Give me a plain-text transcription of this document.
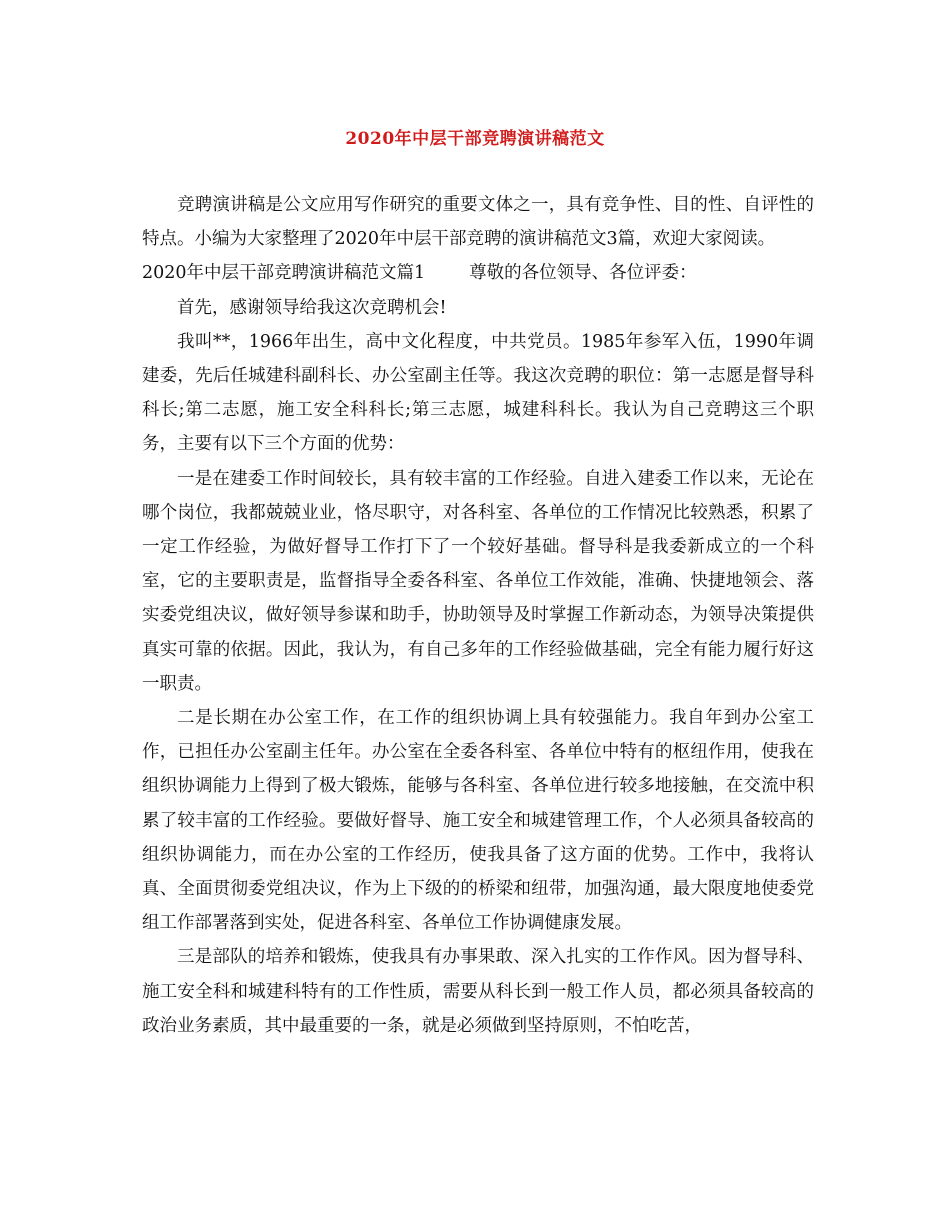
2020年中层干部竞聘演讲稿范文

竞聘演讲稿是公文应用写作研究的重要文体之一，具有竞争性、目的性、自评性的特点。小编为大家整理了2020年中层干部竞聘的演讲稿范文3篇，欢迎大家阅读。

2020年中层干部竞聘演讲稿范文篇1	尊敬的各位领导、各位评委：

首先，感谢领导给我这次竞聘机会!

我叫**，1966年出生，高中文化程度，中共党员。1985年参军入伍，1990年调建委，先后任城建科副科长、办公室副主任等。我这次竞聘的职位：第一志愿是督导科科长;第二志愿，施工安全科科长;第三志愿，城建科科长。我认为自己竞聘这三个职务，主要有以下三个方面的优势：

一是在建委工作时间较长，具有较丰富的工作经验。自进入建委工作以来，无论在哪个岗位，我都兢兢业业，恪尽职守，对各科室、各单位的工作情况比较熟悉，积累了一定工作经验，为做好督导工作打下了一个较好基础。督导科是我委新成立的一个科室，它的主要职责是，监督指导全委各科室、各单位工作效能，准确、快捷地领会、落实委党组决议，做好领导参谋和助手，协助领导及时掌握工作新动态，为领导决策提供真实可靠的依据。因此，我认为，有自己多年的工作经验做基础，完全有能力履行好这一职责。

二是长期在办公室工作，在工作的组织协调上具有较强能力。我自年到办公室工作，已担任办公室副主任年。办公室在全委各科室、各单位中特有的枢纽作用，使我在组织协调能力上得到了极大锻炼，能够与各科室、各单位进行较多地接触，在交流中积累了较丰富的工作经验。要做好督导、施工安全和城建管理工作，个人必须具备较高的组织协调能力，而在办公室的工作经历，使我具备了这方面的优势。工作中，我将认真、全面贯彻委党组决议，作为上下级的的桥梁和纽带，加强沟通，最大限度地使委党组工作部署落到实处，促进各科室、各单位工作协调健康发展。

三是部队的培养和锻炼，使我具有办事果敢、深入扎实的工作作风。因为督导科、施工安全科和城建科特有的工作性质，需要从科长到一般工作人员，都必须具备较高的政治业务素质，其中最重要的一条，就是必须做到坚持原则，不怕吃苦，
